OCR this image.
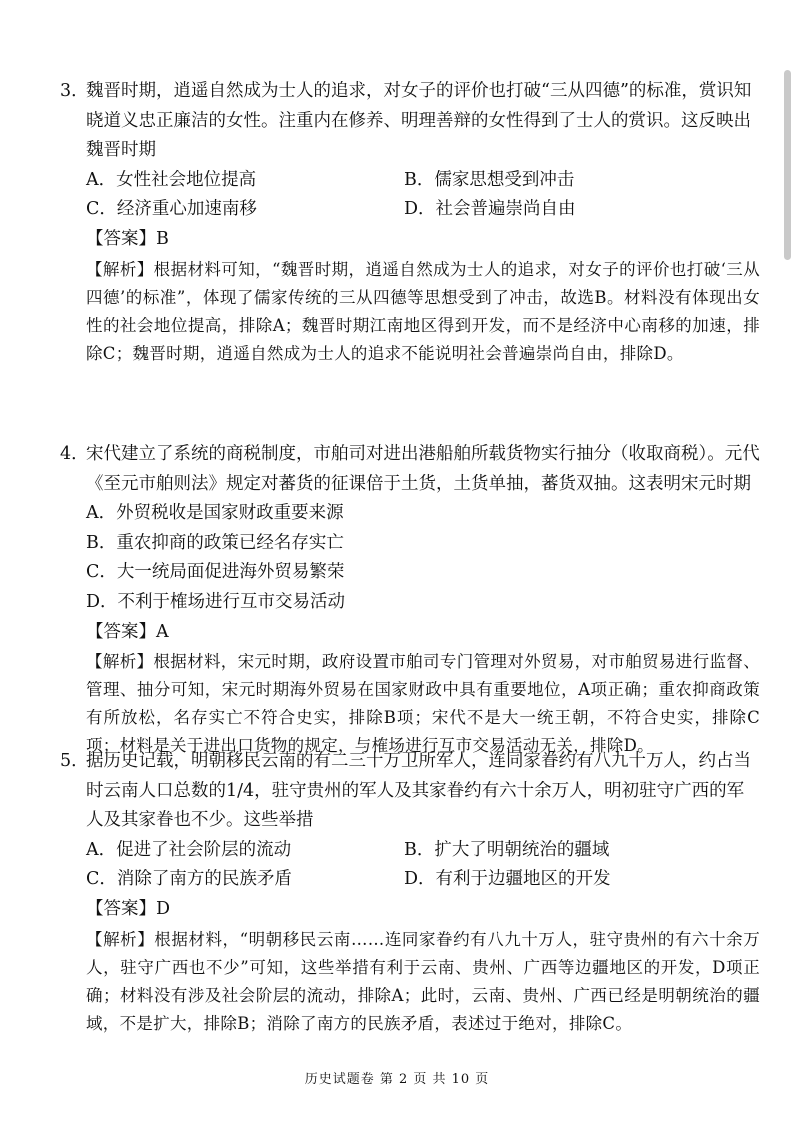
3．
魏晋时期，逍遥自然成为士人的追求，对女子的评价也打破“三从四德”的标准，赏识知晓道义忠正廉洁的女性。注重内在修养、明理善辩的女性得到了士人的赏识。这反映出魏晋时期
A．女性社会地位提高	B．儒家思想受到冲击
C．经济重心加速南移	D．社会普遍崇尚自由
【答案】B
【解析】根据材料可知，“魏晋时期，逍遥自然成为士人的追求，对女子的评价也打破‘三从四德’的标准”，体现了儒家传统的三从四德等思想受到了冲击，故选B。材料没有体现出女性的社会地位提高，排除A；魏晋时期江南地区得到开发，而不是经济中心南移的加速，排除C；魏晋时期，逍遥自然成为士人的追求不能说明社会普遍崇尚自由，排除D。
4．
宋代建立了系统的商税制度，市舶司对进出港船舶所载货物实行抽分（收取商税）。元代《至元市舶则法》规定对蕃货的征课倍于土货，土货单抽，蕃货双抽。这表明宋元时期
A．外贸税收是国家财政重要来源
B．重农抑商的政策已经名存实亡
C．大一统局面促进海外贸易繁荣
D．不利于榷场进行互市交易活动
【答案】A
【解析】根据材料，宋元时期，政府设置市舶司专门管理对外贸易，对市舶贸易进行监督、管理、抽分可知，宋元时期海外贸易在国家财政中具有重要地位，A项正确；重农抑商政策有所放松，名存实亡不符合史实，排除B项；宋代不是大一统王朝，不符合史实，排除C项；材料是关于进出口货物的规定，与榷场进行互市交易活动无关，排除D。
5．
据历史记载，明朝移民云南的有二三十万卫所军人，连同家眷约有八九十万人，约占当时云南人口总数的1/4，驻守贵州的军人及其家眷约有六十余万人，明初驻守广西的军人及其家眷也不少。这些举措
A．促进了社会阶层的流动	B．扩大了明朝统治的疆域
C．消除了南方的民族矛盾	D．有利于边疆地区的开发
【答案】D
【解析】根据材料，“明朝移民云南……连同家眷约有八九十万人，驻守贵州的有六十余万人，驻守广西也不少”可知，这些举措有利于云南、贵州、广西等边疆地区的开发，D项正确；材料没有涉及社会阶层的流动，排除A；此时，云南、贵州、广西已经是明朝统治的疆域，不是扩大，排除B；消除了南方的民族矛盾，表述过于绝对，排除C。
历史试题卷 第 2 页 共 10 页
